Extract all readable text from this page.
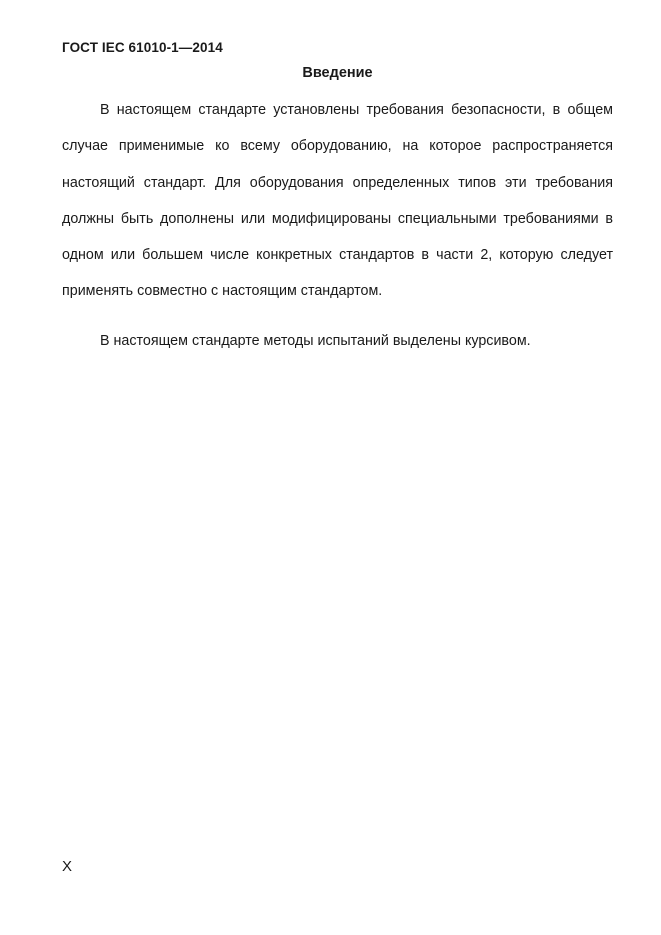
ГОСТ IEC 61010-1—2014
Введение

В настоящем стандарте установлены требования безопасности, в общем случае применимые ко всему оборудованию, на которое распространяется настоящий стандарт. Для оборудования определенных типов эти требования должны быть дополнены или модифицированы специальными требованиями в одном или большем числе конкретных стандартов в части 2, которую следует применять совместно с настоящим стандартом.

В настоящем стандарте методы испытаний выделены курсивом.

X
